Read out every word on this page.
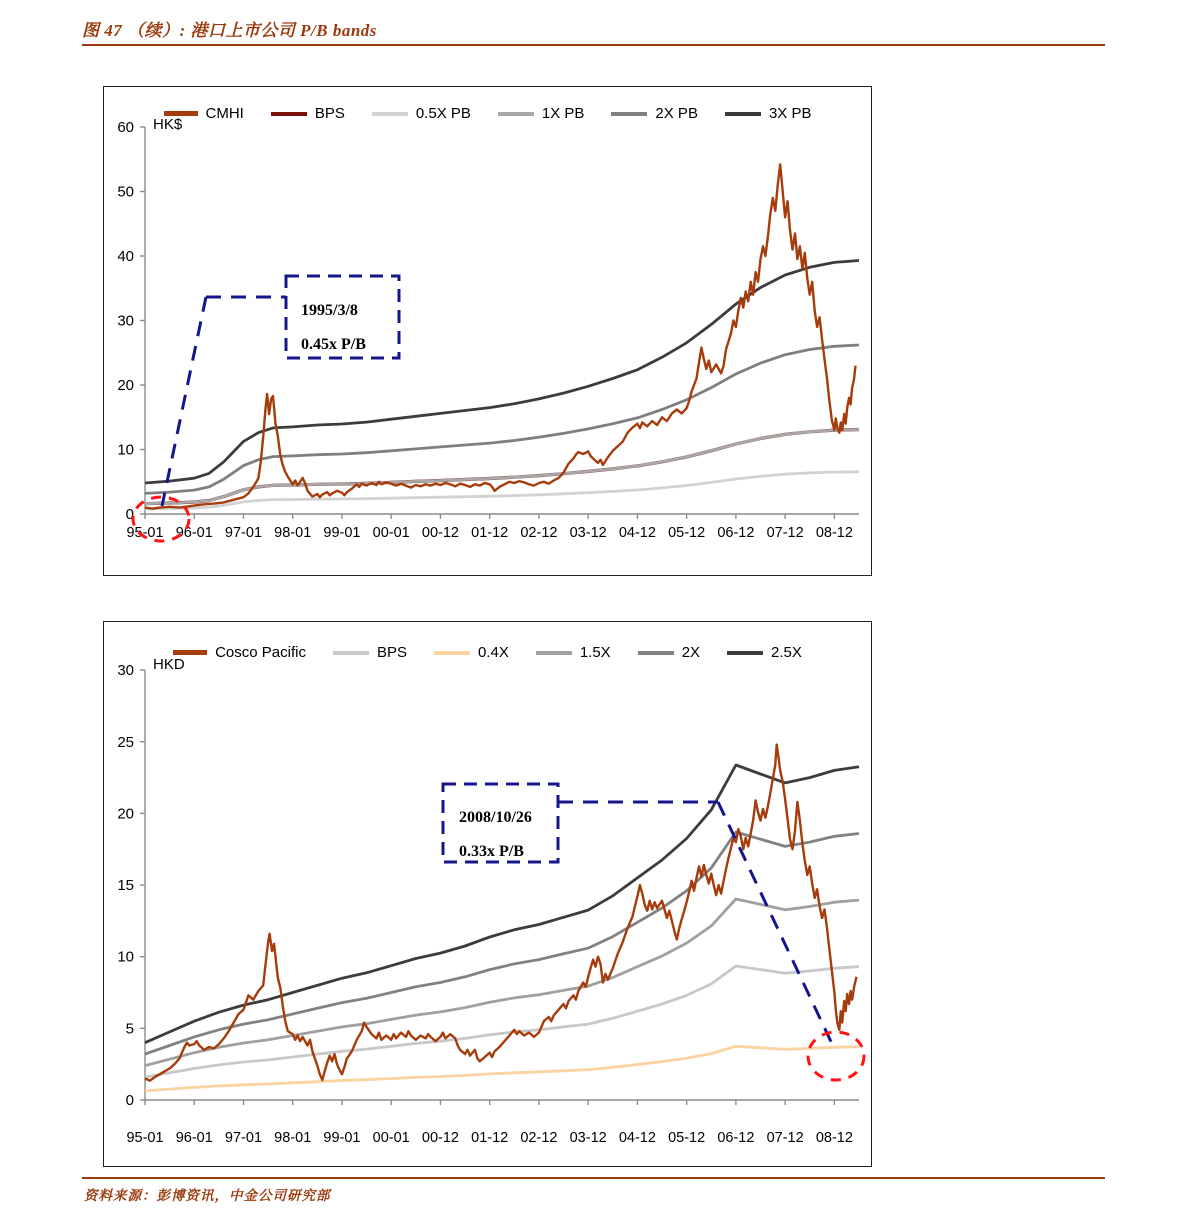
图 47 （续）: 港口上市公司 P/B bands
0
10
20
30
40
50
60
95-01 96-01 97-01 98-01 99-01 00-01 00-12 01-12 02-12 03-12 04-12 05-12 06-12 07-12 08-12
1995/3/8
0.45x P/B
CMHI	BPS	0.5X PB	1X PB	2X PB	3X PB
HK$
0
5
10
15
20
25
30
95-01 96-01 97-01 98-01 99-01 00-01 00-12 01-12 02-12 03-12 04-12 05-12 06-12 07-12 08-12
2008/10/26
0.33x P/B
Cosco Pacific	BPS	0.4X	1.5X	2X	2.5X
HKD
资料来源：彭博资讯，中金公司研究部
